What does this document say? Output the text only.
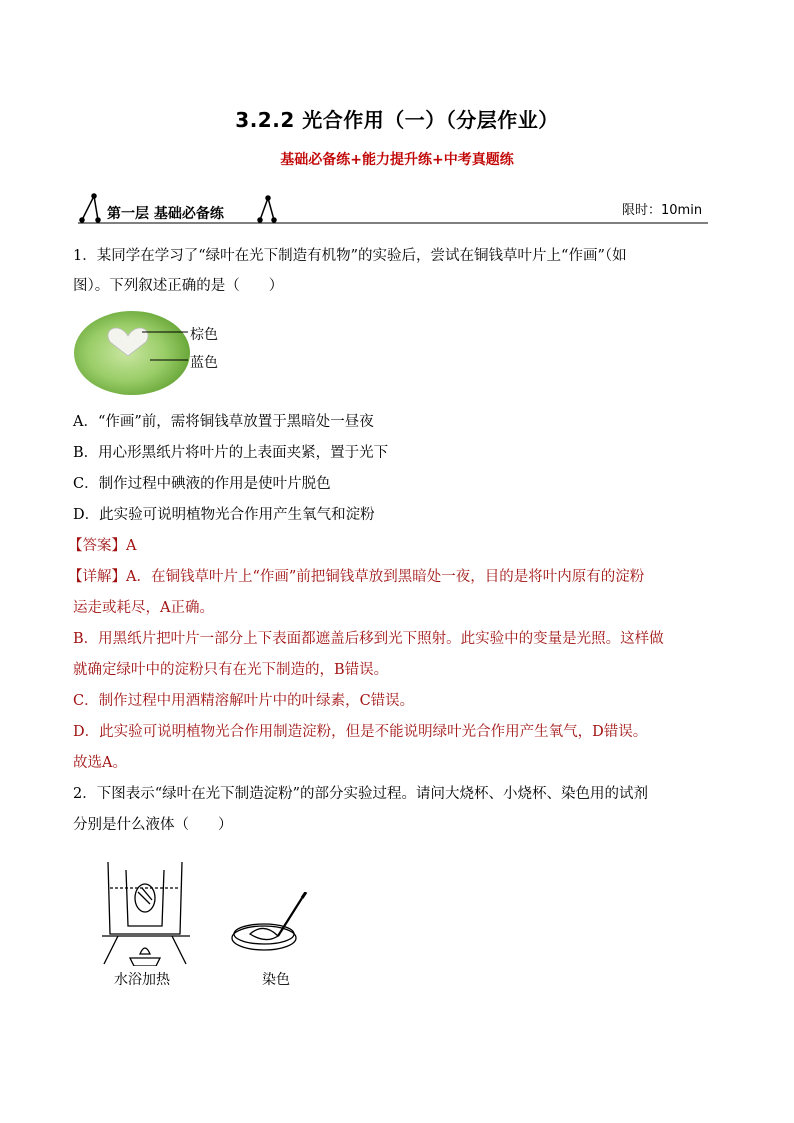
3.2.2 光合作用（一）（分层作业）
基础必备练+能力提升练+中考真题练
第一层 基础必备练	限时：10min
1．某同学在学习了“绿叶在光下制造有机物”的实验后，尝试在铜钱草叶片上“作画”（如
图）。下列叙述正确的是（　　）
棕色
蓝色
A．“作画”前，需将铜钱草放置于黑暗处一昼夜
B．用心形黑纸片将叶片的上表面夹紧，置于光下
C．制作过程中碘液的作用是使叶片脱色
D．此实验可说明植物光合作用产生氧气和淀粉
【答案】A
【详解】A．在铜钱草叶片上“作画”前把铜钱草放到黑暗处一夜，目的是将叶内原有的淀粉
运走或耗尽，A正确。
B．用黑纸片把叶片一部分上下表面都遮盖后移到光下照射。此实验中的变量是光照。这样做
就确定绿叶中的淀粉只有在光下制造的，B错误。
C．制作过程中用酒精溶解叶片中的叶绿素，C错误。
D．此实验可说明植物光合作用制造淀粉，但是不能说明绿叶光合作用产生氧气，D错误。
故选A。
2．下图表示“绿叶在光下制造淀粉”的部分实验过程。请问大烧杯、小烧杯、染色用的试剂
分别是什么液体（　　）
水浴加热	染色
